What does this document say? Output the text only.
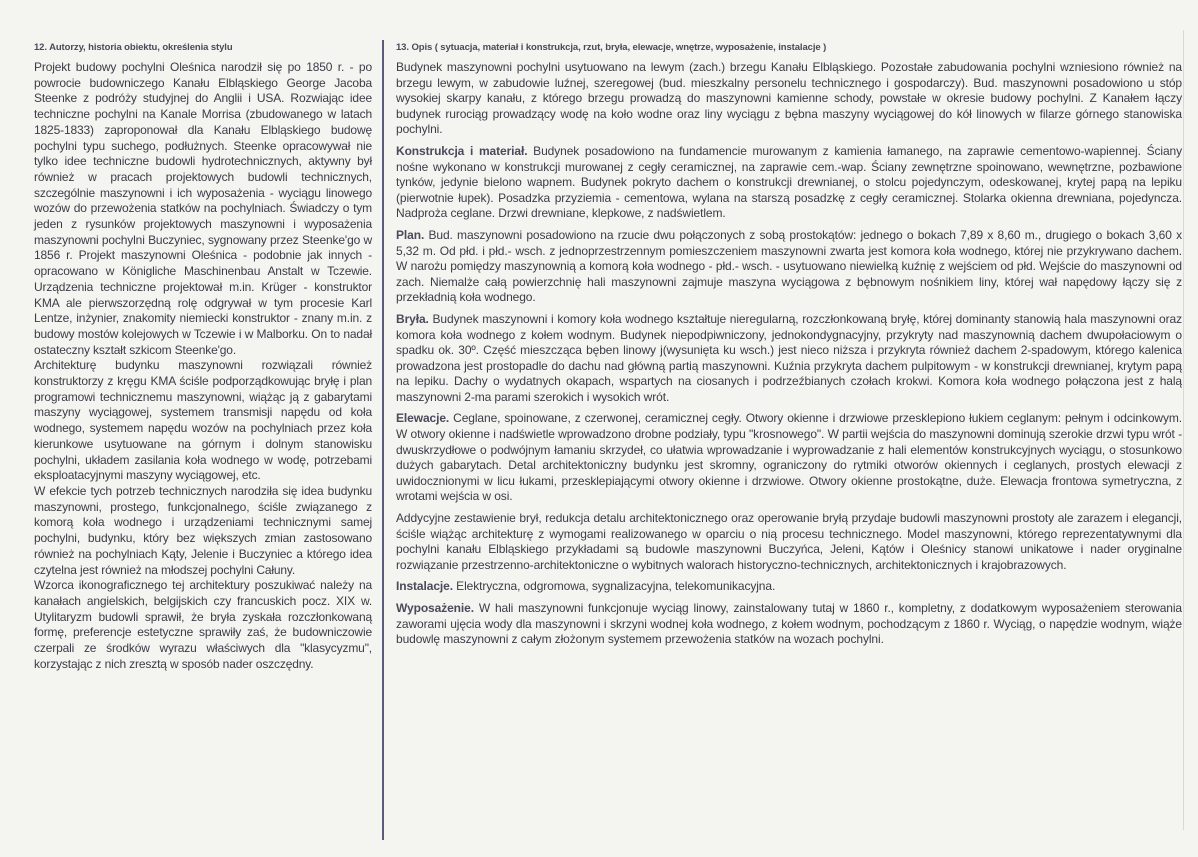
12. Autorzy, historia obiektu, określenia stylu

Projekt budowy pochylni Oleśnica narodził się po 1850 r. - po powrocie budowniczego Kanału Elbląskiego George Jacoba Steenke z podróży studyjnej do Anglii i USA. Rozwiając idee techniczne pochylni na Kanale Morrisa (zbudowanego w latach 1825-1833) zaproponował dla Kanału Elbląskiego budowę pochylni typu suchego, podłużnych. Steenke opracowywał nie tylko idee techniczne budowli hydrotechnicznych, aktywny był również w pracach projektowych budowli technicznych, szczególnie maszynowni i ich wyposażenia - wyciągu linowego wozów do przewożenia statków na pochylniach. Świadczy o tym jeden z rysunków projektowych maszynowni i wyposażenia maszynowni pochylni Buczyniec, sygnowany przez Steenke'go w 1856 r. Projekt maszynowni Oleśnica - podobnie jak innych - opracowano w Königliche Maschinenbau Anstalt w Tczewie. Urządzenia techniczne projektował m.in. Krüger - konstruktor KMA ale pierwszorzędną rolę odgrywał w tym procesie Karl Lentze, inżynier, znakomity niemiecki konstruktor - znany m.in. z budowy mostów kolejowych w Tczewie i w Malborku. On to nadał ostateczny kształt szkicom Steenke'go.

Architekturę budynku maszynowni rozwiązali również konstruktorzy z kręgu KMA ściśle podporządkowując bryłę i plan programowi technicznemu maszynowni, wiążąc ją z gabarytami maszyny wyciągowej, systemem transmisji napędu od koła wodnego, systemem napędu wozów na pochylniach przez koła kierunkowe usytuowane na górnym i dolnym stanowisku pochylni, układem zasilania koła wodnego w wodę, potrzebami eksploatacyjnymi maszyny wyciągowej, etc.

W efekcie tych potrzeb technicznych narodziła się idea budynku maszynowni, prostego, funkcjonalnego, ściśle związanego z komorą koła wodnego i urządzeniami technicznymi samej pochylni, budynku, który bez większych zmian zastosowano również na pochylniach Kąty, Jelenie i Buczyniec a którego idea czytelna jest również na młodszej pochylni Całuny.

Wzorca ikonograficznego tej architektury poszukiwać należy na kanałach angielskich, belgijskich czy francuskich pocz. XIX w. Utylitaryzm budowli sprawił, że bryła zyskała rozczłonkowaną formę, preferencje estetyczne sprawiły zaś, że budowniczowie czerpali ze środków wyrazu właściwych dla "klasycyzmu", korzystając z nich zresztą w sposób nader oszczędny.

13. Opis ( sytuacja, materiał i konstrukcja, rzut, bryła, elewacje, wnętrze, wyposażenie, instalacje )

Budynek maszynowni pochylni usytuowano na lewym (zach.) brzegu Kanału Elbląskiego. Pozostałe zabudowania pochylni wzniesiono również na brzegu lewym, w zabudowie luźnej, szeregowej (bud. mieszkalny personelu technicznego i gospodarczy). Bud. maszynowni posadowiono u stóp wysokiej skarpy kanału, z którego brzegu prowadzą do maszynowni kamienne schody, powstałe w okresie budowy pochylni. Z Kanałem łączy budynek rurociąg prowadzący wodę na koło wodne oraz liny wyciągu z bębna maszyny wyciągowej do kół linowych w filarze górnego stanowiska pochylni.

Konstrukcja i materiał. Budynek posadowiono na fundamencie murowanym z kamienia łamanego, na zaprawie cementowo-wapiennej. Ściany nośne wykonano w konstrukcji murowanej z cegły ceramicznej, na zaprawie cem.-wap. Ściany zewnętrzne spoinowano, wewnętrzne, pozbawione tynków, jedynie bielono wapnem. Budynek pokryto dachem o konstrukcji drewnianej, o stolcu pojedynczym, odeskowanej, krytej papą na lepiku (pierwotnie łupek). Posadzka przyziemia - cementowa, wylana na starszą posadzkę z cegły ceramicznej. Stolarka okienna drewniana, pojedyncza. Nadproża ceglane. Drzwi drewniane, klepkowe, z nadświetlem.

Plan. Bud. maszynowni posadowiono na rzucie dwu połączonych z sobą prostokątów: jednego o bokach 7,89 x 8,60 m., drugiego o bokach 3,60 x 5,32 m. Od płd. i płd.- wsch. z jednoprzestrzennym pomieszczeniem maszynowni zwarta jest komora koła wodnego, której nie przykrywano dachem. W narożu pomiędzy maszynownią a komorą koła wodnego - płd.- wsch. - usytuowano niewielką kuźnię z wejściem od płd. Wejście do maszynowni od zach. Niemalże całą powierzchnię hali maszynowni zajmuje maszyna wyciągowa z bębnowym nośnikiem liny, której wał napędowy łączy się z przekładnią koła wodnego.

Bryła. Budynek maszynowni i komory koła wodnego kształtuje nieregularną, rozczłonkowaną bryłę, której dominanty stanowią hala maszynowni oraz komora koła wodnego z kołem wodnym. Budynek niepodpiwniczony, jednokondygnacyjny, przykryty nad maszynownią dachem dwupołaciowym o spadku ok. 30º. Część mieszcząca bęben linowy j(wysunięta ku wsch.) jest nieco niższa i przykryta również dachem 2-spadowym, którego kalenica prowadzona jest prostopadle do dachu nad główną partią maszynowni. Kuźnia przykryta dachem pulpitowym - w konstrukcji drewnianej, krytym papą na lepiku. Dachy o wydatnych okapach, wspartych na ciosanych i podrzeźbianych czołach krokwi. Komora koła wodnego połączona jest z halą maszynowni 2-ma parami szerokich i wysokich wrót.

Elewacje. Ceglane, spoinowane, z czerwonej, ceramicznej cegły. Otwory okienne i drzwiowe przesklepiono łukiem ceglanym: pełnym i odcinkowym. W otwory okienne i nadświetle wprowadzono drobne podziały, typu "krosnowego". W partii wejścia do maszynowni dominują szerokie drzwi typu wrót - dwuskrzydłowe o podwójnym łamaniu skrzydeł, co ułatwia wprowadzanie i wyprowadzanie z hali elementów konstrukcyjnych wyciągu, o stosunkowo dużych gabarytach. Detal architektoniczny budynku jest skromny, ograniczony do rytmiki otworów okiennych i ceglanych, prostych elewacji z uwidocznionymi w licu łukami, przesklepiającymi otwory okienne i drzwiowe. Otwory okienne prostokątne, duże. Elewacja frontowa symetryczna, z wrotami wejścia w osi.

Addycyjne zestawienie brył, redukcja detalu architektonicznego oraz operowanie bryłą przydaje budowli maszynowni prostoty ale zarazem i elegancji, ściśle wiążąc architekturę z wymogami realizowanego w oparciu o nią procesu technicznego. Model maszynowni, którego reprezentatywnymi dla pochylni kanału Elbląskiego przykładami są budowle maszynowni Buczyńca, Jeleni, Kątów i Oleśnicy stanowi unikatowe i nader oryginalne rozwiązanie przestrzenno-architektoniczne o wybitnych walorach historyczno-technicznych, architektonicznych i krajobrazowych.

Instalacje. Elektryczna, odgromowa, sygnalizacyjna, telekomunikacyjna.

Wyposażenie. W hali maszynowni funkcjonuje wyciąg linowy, zainstalowany tutaj w 1860 r., kompletny, z dodatkowym wyposażeniem sterowania zaworami ujęcia wody dla maszynowni i skrzyni wodnej koła wodnego, z kołem wodnym, pochodzącym z 1860 r. Wyciąg, o napędzie wodnym, wiąże budowlę maszynowni z całym złożonym systemem przewożenia statków na wozach pochylni.
